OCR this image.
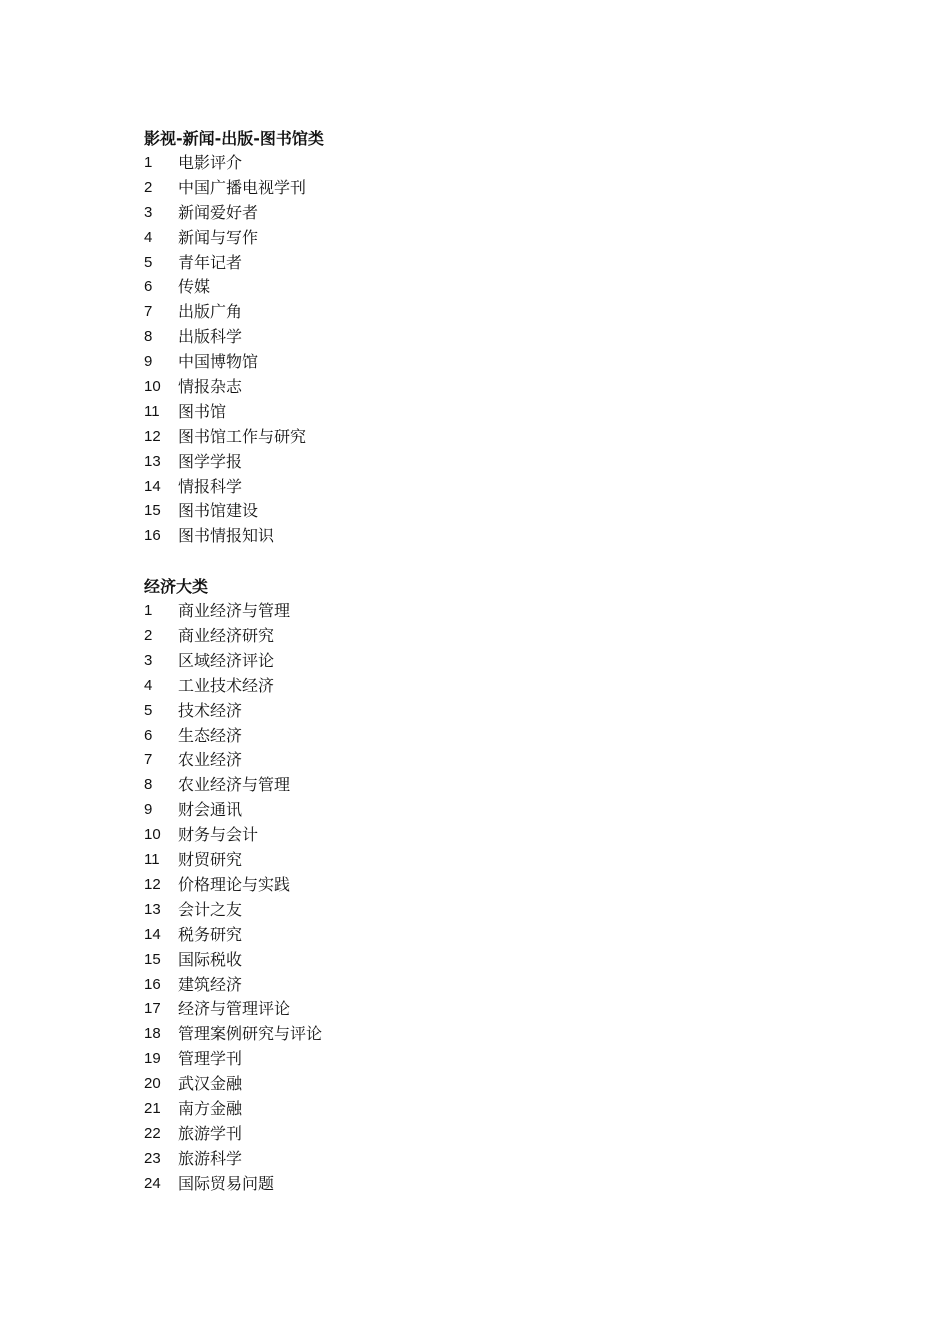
影视-新闻-出版-图书馆类
1	电影评介
2	中国广播电视学刊
3	新闻爱好者
4	新闻与写作
5	青年记者
6	传媒
7	出版广角
8	出版科学
9	中国博物馆
10	情报杂志
11	图书馆
12	图书馆工作与研究
13	图学学报
14	情报科学
15	图书馆建设
16	图书情报知识
经济大类
1	商业经济与管理
2	商业经济研究
3	区域经济评论
4	工业技术经济
5	技术经济
6	生态经济
7	农业经济
8	农业经济与管理
9	财会通讯
10	财务与会计
11	财贸研究
12	价格理论与实践
13	会计之友
14	税务研究
15	国际税收
16	建筑经济
17	经济与管理评论
18	管理案例研究与评论
19	管理学刊
20	武汉金融
21	南方金融
22	旅游学刊
23	旅游科学
24	国际贸易问题
